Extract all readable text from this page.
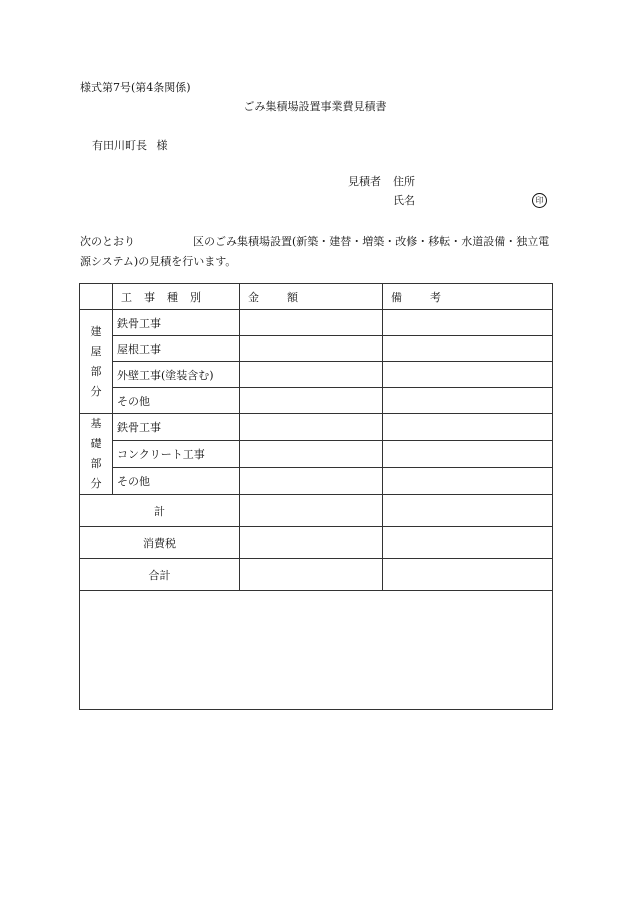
様式第7号(第4条関係)
ごみ集積場設置事業費見積書
有田川町長 様
見積者 住所
氏名	印
次のとおり	区のごみ集積場設置(新築・建替・増築・改修・移転・水道設備・独立電源システム)の見積を行います。
	工事種別	金額	備考

建
屋
部
分	鉄骨工事		
	屋根工事		
	外壁工事(塗装含む)		
	その他		

基
礎
部
分	鉄骨工事		
	コンクリート工事		
	その他		
計			
消費税			
合計			
